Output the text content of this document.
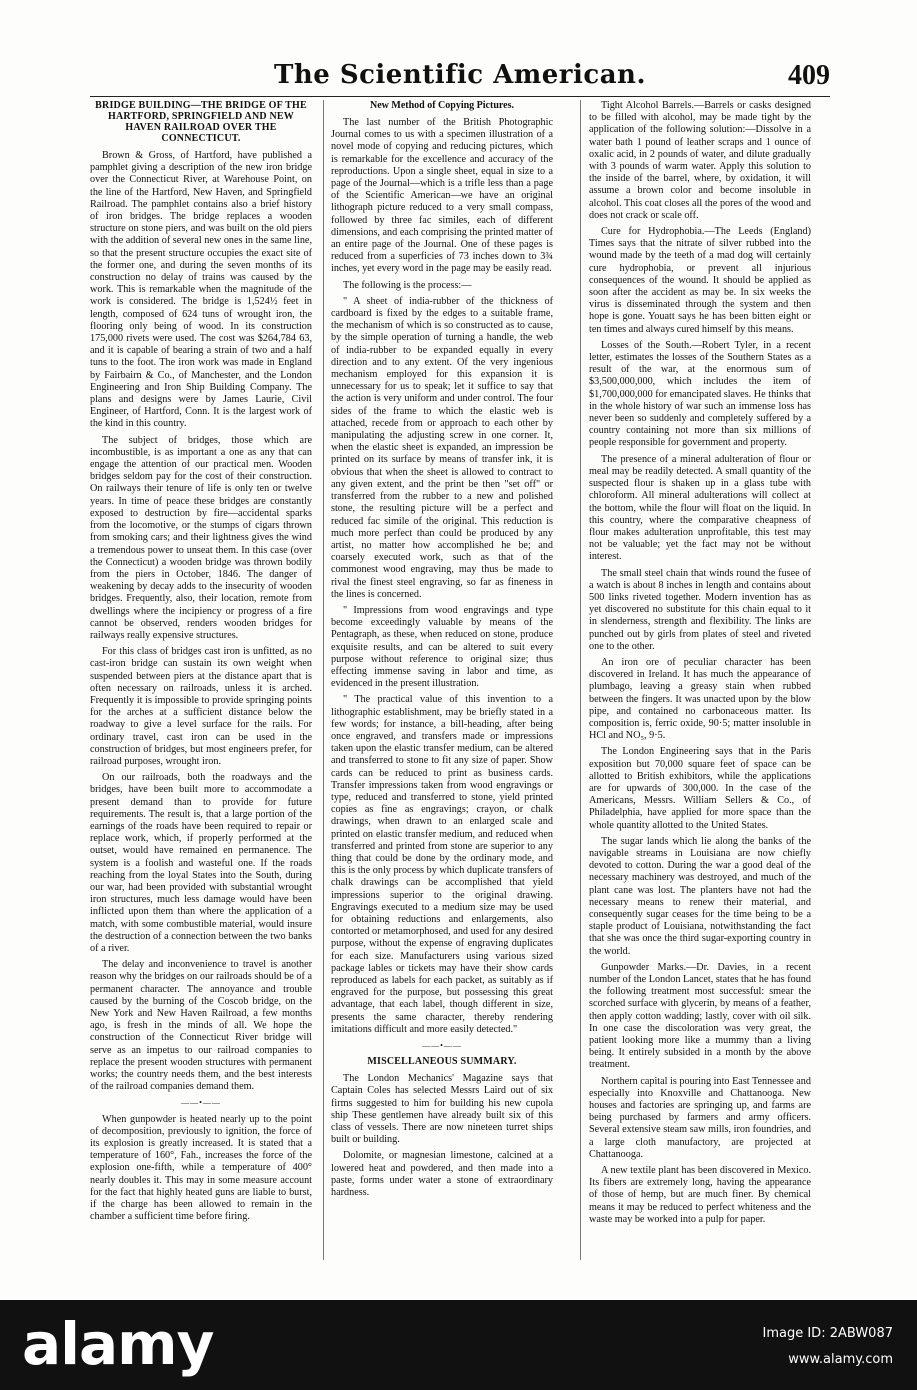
The Scientific American.	409
BRIDGE BUILDING—THE BRIDGE OF THE HARTFORD, SPRINGFIELD AND NEW HAVEN RAILROAD OVER THE CONNECTICUT.

Brown & Gross, of Hartford, have published a pamphlet giving a description of the new iron bridge over the Connecticut River, at Warehouse Point, on the line of the Hartford, New Haven, and Springfield Railroad. The pamphlet contains also a brief history of iron bridges. The bridge replaces a wooden structure on stone piers, and was built on the old piers with the addition of several new ones in the same line, so that the present structure occupies the exact site of the former one, and during the seven months of its construction no delay of trains was caused by the work. This is remarkable when the magnitude of the work is considered. The bridge is 1,524½ feet in length, composed of 624 tuns of wrought iron, the flooring only being of wood. In its construction 175,000 rivets were used. The cost was $264,784 63, and it is capable of bearing a strain of two and a half tuns to the foot. The iron work was made in England by Fairbairn & Co., of Manchester, and the London Engineering and Iron Ship Building Company. The plans and designs were by James Laurie, Civil Engineer, of Hartford, Conn. It is the largest work of the kind in this country.

The subject of bridges, those which are incombustible, is as important a one as any that can engage the attention of our practical men. Wooden bridges seldom pay for the cost of their construction. On railways their tenure of life is only ten or twelve years. In time of peace these bridges are constantly exposed to destruction by fire—accidental sparks from the locomotive, or the stumps of cigars thrown from smoking cars; and their lightness gives the wind a tremendous power to unseat them. In this case (over the Connecticut) a wooden bridge was thrown bodily from the piers in October, 1846. The danger of weakening by decay adds to the insecurity of wooden bridges. Frequently, also, their location, remote from dwellings where the incipiency or progress of a fire cannot be observed, renders wooden bridges for railways really expensive structures.

For this class of bridges cast iron is unfitted, as no cast-iron bridge can sustain its own weight when suspended between piers at the distance apart that is often necessary on railroads, unless it is arched. Frequently it is impossible to provide springing points for the arches at a sufficient distance below the roadway to give a level surface for the rails. For ordinary travel, cast iron can be used in the construction of bridges, but most engineers prefer, for railroad purposes, wrought iron.

On our railroads, both the roadways and the bridges, have been built more to accommodate a present demand than to provide for future requirements. The result is, that a large portion of the earnings of the roads have been required to repair or replace work, which, if properly performed at the outset, would have remained en permanence. The system is a foolish and wasteful one. If the roads reaching from the loyal States into the South, during our war, had been provided with substantial wrought iron structures, much less damage would have been inflicted upon them than where the application of a match, with some combustible material, would insure the destruction of a connection between the two banks of a river.

The delay and inconvenience to travel is another reason why the bridges on our railroads should be of a permanent character. The annoyance and trouble caused by the burning of the Coscob bridge, on the New York and New Haven Railroad, a few months ago, is fresh in the minds of all. We hope the construction of the Connecticut River bridge will serve as an impetus to our railroad companies to replace the present wooden structures with permanent works; the country needs them, and the best interests of the railroad companies demand them.

——•——

When gunpowder is heated nearly up to the point of decomposition, previously to ignition, the force of its explosion is greatly increased. It is stated that a temperature of 160°, Fah., increases the force of the explosion one-fifth, while a temperature of 400° nearly doubles it. This may in some measure account for the fact that highly heated guns are liable to burst, if the charge has been allowed to remain in the chamber a sufficient time before firing.

New Method of Copying Pictures.

The last number of the British Photographic Journal comes to us with a specimen illustration of a novel mode of copying and reducing pictures, which is remarkable for the excellence and accuracy of the reproductions. Upon a single sheet, equal in size to a page of the Journal—which is a trifle less than a page of the Scientific American—we have an original lithograph picture reduced to a very small compass, followed by three fac similes, each of different dimensions, and each comprising the printed matter of an entire page of the Journal. One of these pages is reduced from a superficies of 73 inches down to 3¾ inches, yet every word in the page may be easily read.

The following is the process:—

" A sheet of india-rubber of the thickness of cardboard is fixed by the edges to a suitable frame, the mechanism of which is so constructed as to cause, by the simple operation of turning a handle, the web of india-rubber to be expanded equally in every direction and to any extent. Of the very ingenious mechanism employed for this expansion it is unnecessary for us to speak; let it suffice to say that the action is very uniform and under control. The four sides of the frame to which the elastic web is attached, recede from or approach to each other by manipulating the adjusting screw in one corner. It, when the elastic sheet is expanded, an impression be printed on its surface by means of transfer ink, it is obvious that when the sheet is allowed to contract to any given extent, and the print be then "set off" or transferred from the rubber to a new and polished stone, the resulting picture will be a perfect and reduced fac simile of the original. This reduction is much more perfect than could be produced by any artist, no matter how accomplished he be; and coarsely executed work, such as that of the commonest wood engraving, may thus be made to rival the finest steel engraving, so far as fineness in the lines is concerned.

" Impressions from wood engravings and type become exceedingly valuable by means of the Pentagraph, as these, when reduced on stone, produce exquisite results, and can be altered to suit every purpose without reference to original size; thus effecting immense saving in labor and time, as evidenced in the present illustration.

" The practical value of this invention to a lithographic establishment, may be briefly stated in a few words; for instance, a bill-heading, after being once engraved, and transfers made or impressions taken upon the elastic transfer medium, can be altered and transferred to stone to fit any size of paper. Show cards can be reduced to print as business cards. Transfer impressions taken from wood engravings or type, reduced and transferred to stone, yield printed copies as fine as engravings; crayon, or chalk drawings, when drawn to an enlarged scale and printed on elastic transfer medium, and reduced when transferred and printed from stone are superior to any thing that could be done by the ordinary mode, and this is the only process by which duplicate transfers of chalk drawings can be accomplished that yield impressions superior to the original drawing. Engravings executed to a medium size may be used for obtaining reductions and enlargements, also contorted or metamorphosed, and used for any desired purpose, without the expense of engraving duplicates for each size. Manufacturers using various sized package lables or tickets may have their show cards reproduced as labels for each packet, as suitably as if engraved for the purpose, but possessing this great advantage, that each label, though different in size, presents the same character, thereby rendering imitations difficult and more easily detected."

——•——
MISCELLANEOUS SUMMARY.

The London Mechanics' Magazine says that Captain Coles has selected Messrs Laird out of six firms suggested to him for building his new cupola ship These gentlemen have already built six of this class of vessels. There are now nineteen turret ships built or building.

Dolomite, or magnesian limestone, calcined at a lowered heat and powdered, and then made into a paste, forms under water a stone of extraordinary hardness.

Tight Alcohol Barrels.—Barrels or casks designed to be filled with alcohol, may be made tight by the application of the following solution:—Dissolve in a water bath 1 pound of leather scraps and 1 ounce of oxalic acid, in 2 pounds of water, and dilute gradually with 3 pounds of warm water. Apply this solution to the inside of the barrel, where, by oxidation, it will assume a brown color and become insoluble in alcohol. This coat closes all the pores of the wood and does not crack or scale off.

Cure for Hydrophobia.—The Leeds (England) Times says that the nitrate of silver rubbed into the wound made by the teeth of a mad dog will certainly cure hydrophobia, or prevent all injurious consequences of the wound. It should be applied as soon after the accident as may be. In six weeks the virus is disseminated through the system and then hope is gone. Youatt says he has been bitten eight or ten times and always cured himself by this means.

Losses of the South.—Robert Tyler, in a recent letter, estimates the losses of the Southern States as a result of the war, at the enormous sum of $3,500,000,000, which includes the item of $1,700,000,000 for emancipated slaves. He thinks that in the whole history of war such an immense loss has never been so suddenly and completely suffered by a country containing not more than six millions of people responsible for government and property.

The presence of a mineral adulteration of flour or meal may be readily detected. A small quantity of the suspected flour is shaken up in a glass tube with chloroform. All mineral adulterations will collect at the bottom, while the flour will float on the liquid. In this country, where the comparative cheapness of flour makes adulteration unprofitable, this test may not be valuable; yet the fact may not be without interest.

The small steel chain that winds round the fusee of a watch is about 8 inches in length and contains about 500 links riveted together. Modern invention has as yet discovered no substitute for this chain equal to it in slenderness, strength and flexibility. The links are punched out by girls from plates of steel and riveted one to the other.

An iron ore of peculiar character has been discovered in Ireland. It has much the appearance of plumbago, leaving a greasy stain when rubbed between the fingers. It was unacted upon by the blow pipe, and contained no carbonaceous matter. Its composition is, ferric oxide, 90·5; matter insoluble in HCl and NO₅, 9·5.

The London Engineering says that in the Paris exposition but 70,000 square feet of space can be allotted to British exhibitors, while the applications are for upwards of 300,000. In the case of the Americans, Messrs. William Sellers & Co., of Philadelphia, have applied for more space than the whole quantity allotted to the United States.

The sugar lands which lie along the banks of the navigable streams in Louisiana are now chiefly devoted to cotton. During the war a good deal of the necessary machinery was destroyed, and much of the plant cane was lost. The planters have not had the necessary means to renew their material, and consequently sugar ceases for the time being to be a staple product of Louisiana, notwithstanding the fact that she was once the third sugar-exporting country in the world.

Gunpowder Marks.—Dr. Davies, in a recent number of the London Lancet, states that he has found the following treatment most successful: smear the scorched surface with glycerin, by means of a feather, then apply cotton wadding; lastly, cover with oil silk. In one case the discoloration was very great, the patient looking more like a mummy than a living being. It entirely subsided in a month by the above treatment.

Northern capital is pouring into East Tennessee and especially into Knoxville and Chattanooga. New houses and factories are springing up, and farms are being purchased by farmers and army officers. Several extensive steam saw mills, iron foundries, and a large cloth manufactory, are projected at Chattanooga.

A new textile plant has been discovered in Mexico. Its fibers are extremely long, having the appearance of those of hemp, but are much finer. By chemical means it may be reduced to perfect whiteness and the waste may be worked into a pulp for paper.

alamy	Image ID: 2ABW087
www.alamy.com
